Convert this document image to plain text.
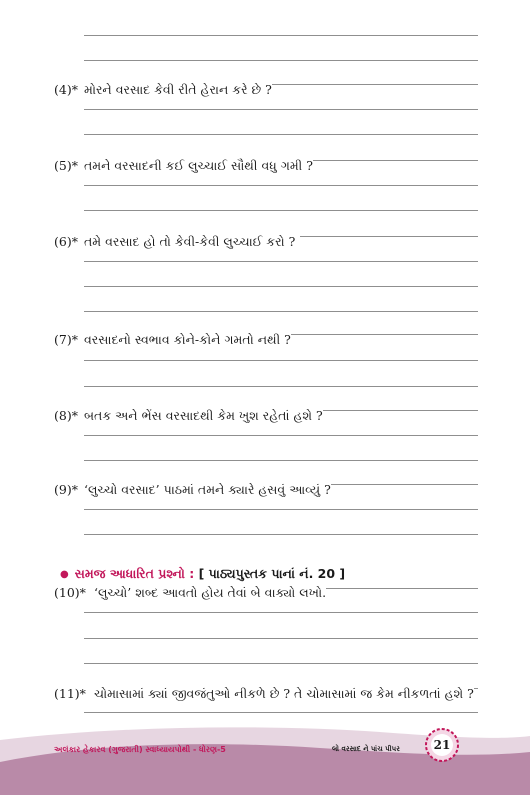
(4)* મોરને વરસાદ કેવી રીતે હેરાન કરે છે ?
(5)* તમને વરસાદની કઈ લુચ્ચાઈ સૌથી વધુ ગમી ?
(6)* તમે વરસાદ હો તો કેવી-કેવી લુચ્ચાઈ કરો ?
(7)* વરસાદનો સ્વભાવ કોને-કોને ગમતો નથી ?
(8)* બતક અને ભેંસ વરસાદથી કેમ ખુશ રહેતાં હશે ?
(9)* ‘લુચ્ચો વરસાદ’ પાઠમાં તમને ક્યારે હસવું આવ્યું ?
● સમજ આધારિત પ્રશ્નો : [ પાઠ્યપુસ્તક પાનાં નં. 20 ]
(10)* ‘લુચ્ચો’ શબ્દ આવતો હોય તેવાં બે વાક્યો લખો.
(11)* ચોમાસામાં ક્યાં જીવજંતુઓ નીકળે છે ? તે ચોમાસામાં જ કેમ નીકળતાં હશે ?
અલંકાર હેકારવ (ગુજરાતી) સ્વાધ્યાયપોથી - ધોરણ-5	લો વરસાદ ને પાંચ પીપર	21
